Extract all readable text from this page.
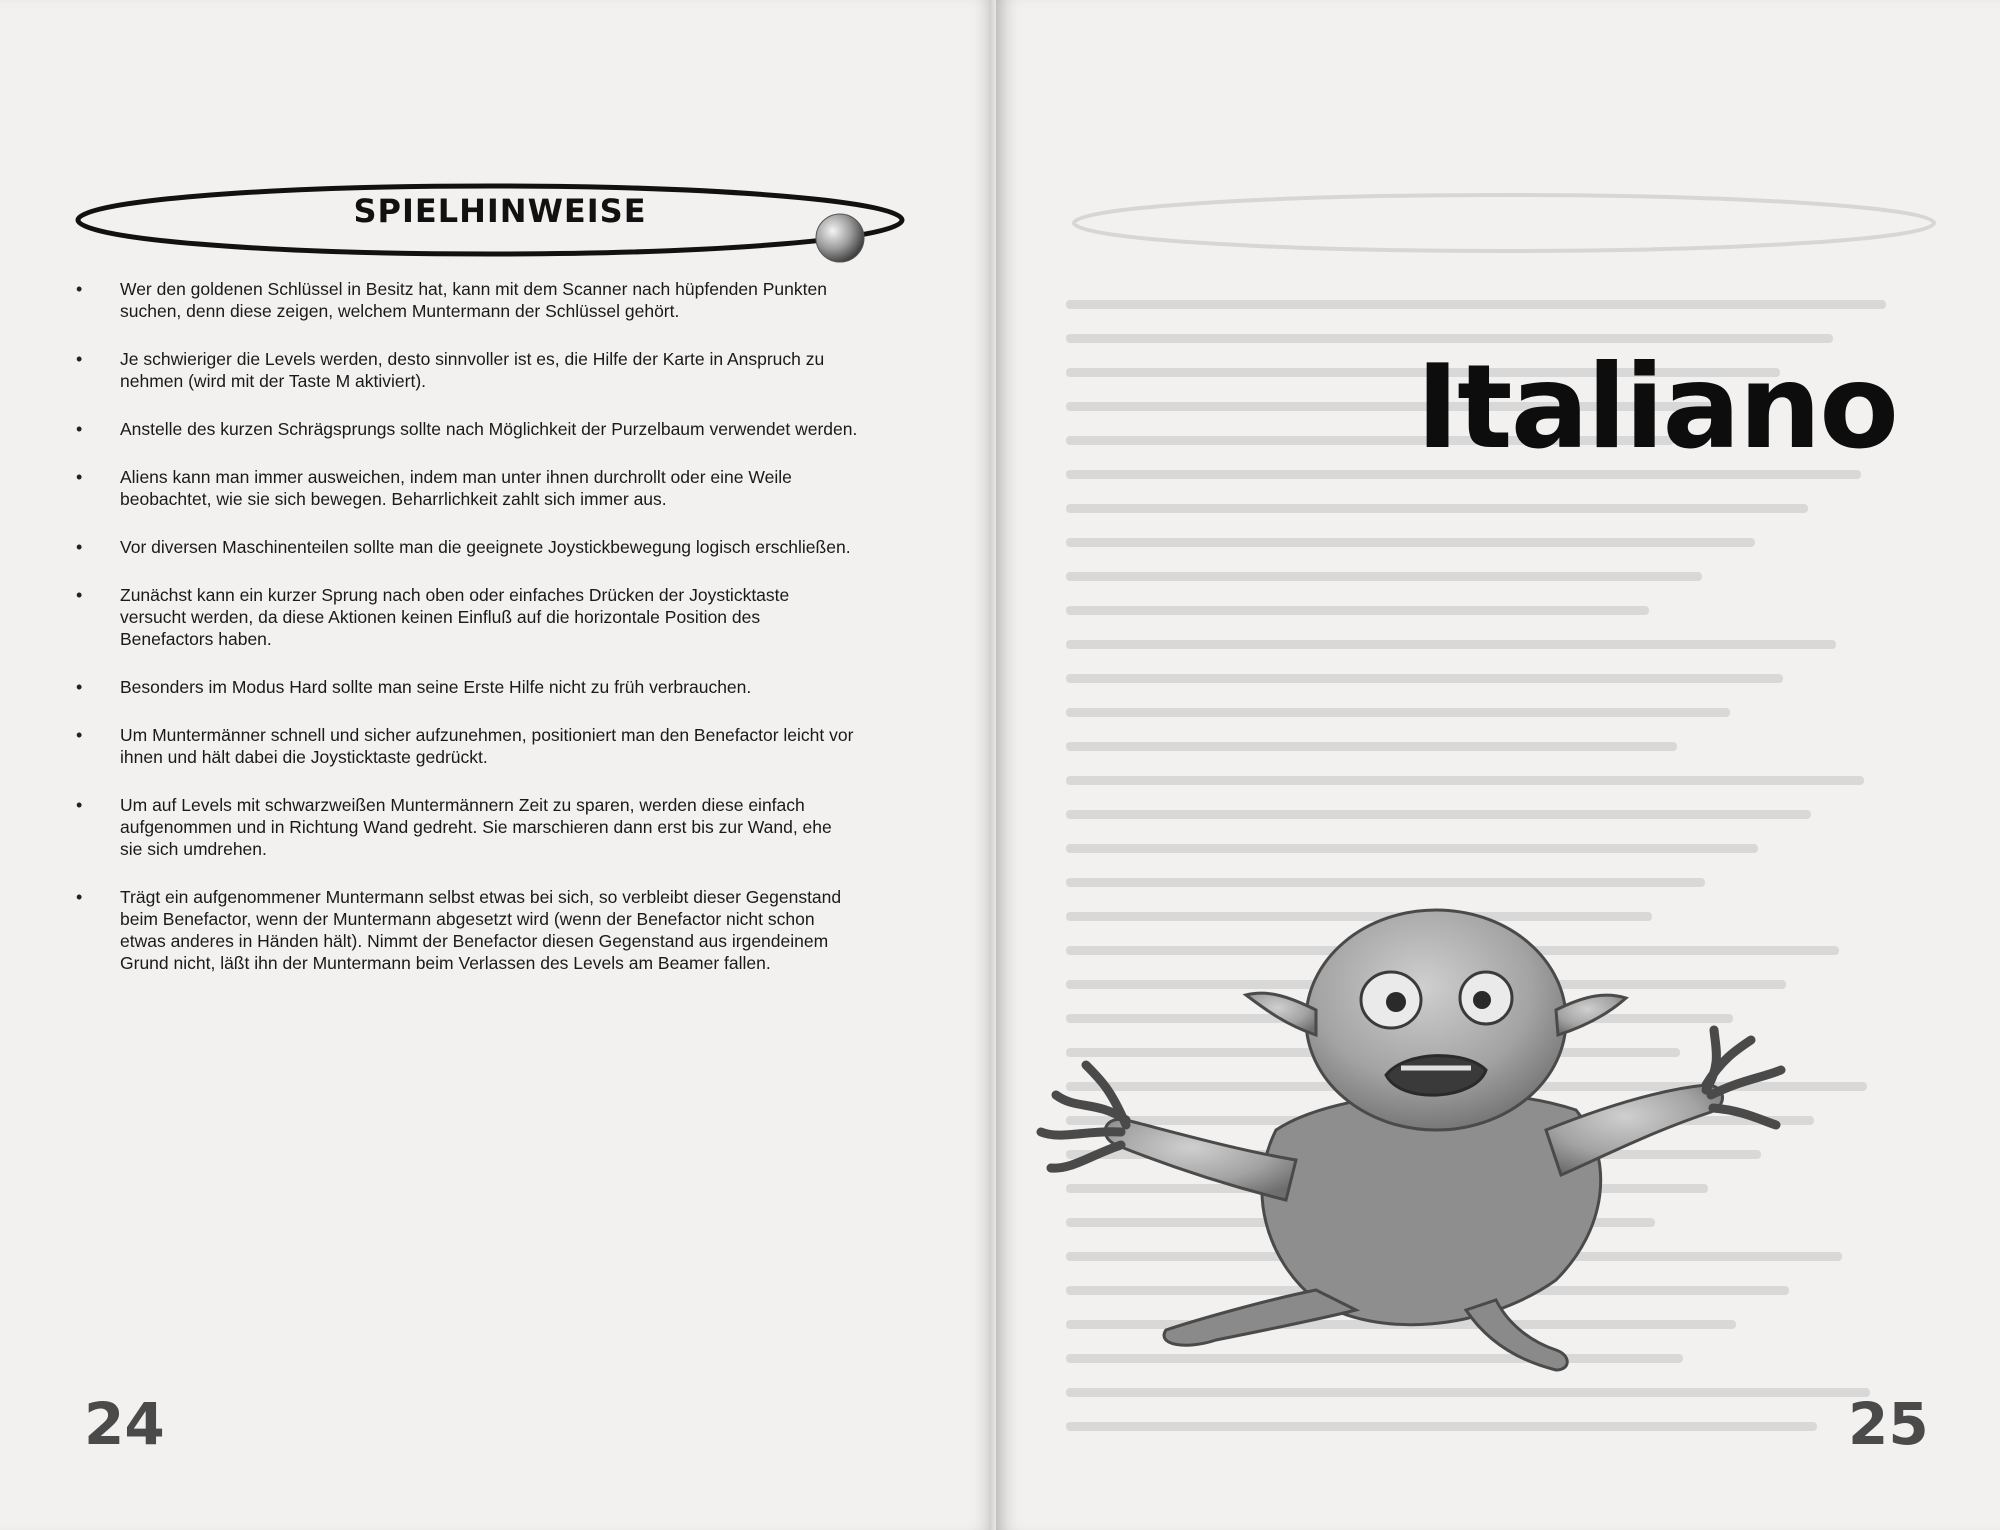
SPIELHINWEISE
•	Wer den goldenen Schlüssel in Besitz hat, kann mit dem Scanner nach hüpfenden Punkten
suchen, denn diese zeigen, welchem Muntermann der Schlüssel gehört.
•	Je schwieriger die Levels werden, desto sinnvoller ist es, die Hilfe der Karte in Anspruch zu
nehmen (wird mit der Taste M aktiviert).
•	Anstelle des kurzen Schrägsprungs sollte nach Möglichkeit der Purzelbaum verwendet werden.
•	Aliens kann man immer ausweichen, indem man unter ihnen durchrollt oder eine Weile
beobachtet, wie sie sich bewegen. Beharrlichkeit zahlt sich immer aus.
•	Vor diversen Maschinenteilen sollte man die geeignete Joystickbewegung logisch erschließen.
•	Zunächst kann ein kurzer Sprung nach oben oder einfaches Drücken der Joysticktaste
versucht werden, da diese Aktionen keinen Einfluß auf die horizontale Position des
Benefactors haben.
•	Besonders im Modus Hard sollte man seine Erste Hilfe nicht zu früh verbrauchen.
•	Um Muntermänner schnell und sicher aufzunehmen, positioniert man den Benefactor leicht vor
ihnen und hält dabei die Joysticktaste gedrückt.
•	Um auf Levels mit schwarzweißen Muntermännern Zeit zu sparen, werden diese einfach
aufgenommen und in Richtung Wand gedreht. Sie marschieren dann erst bis zur Wand, ehe
sie sich umdrehen.
•	Trägt ein aufgenommener Muntermann selbst etwas bei sich, so verbleibt dieser Gegenstand
beim Benefactor, wenn der Muntermann abgesetzt wird (wenn der Benefactor nicht schon
etwas anderes in Händen hält). Nimmt der Benefactor diesen Gegenstand aus irgendeinem
Grund nicht, läßt ihn der Muntermann beim Verlassen des Levels am Beamer fallen.
24
Italiano
25
